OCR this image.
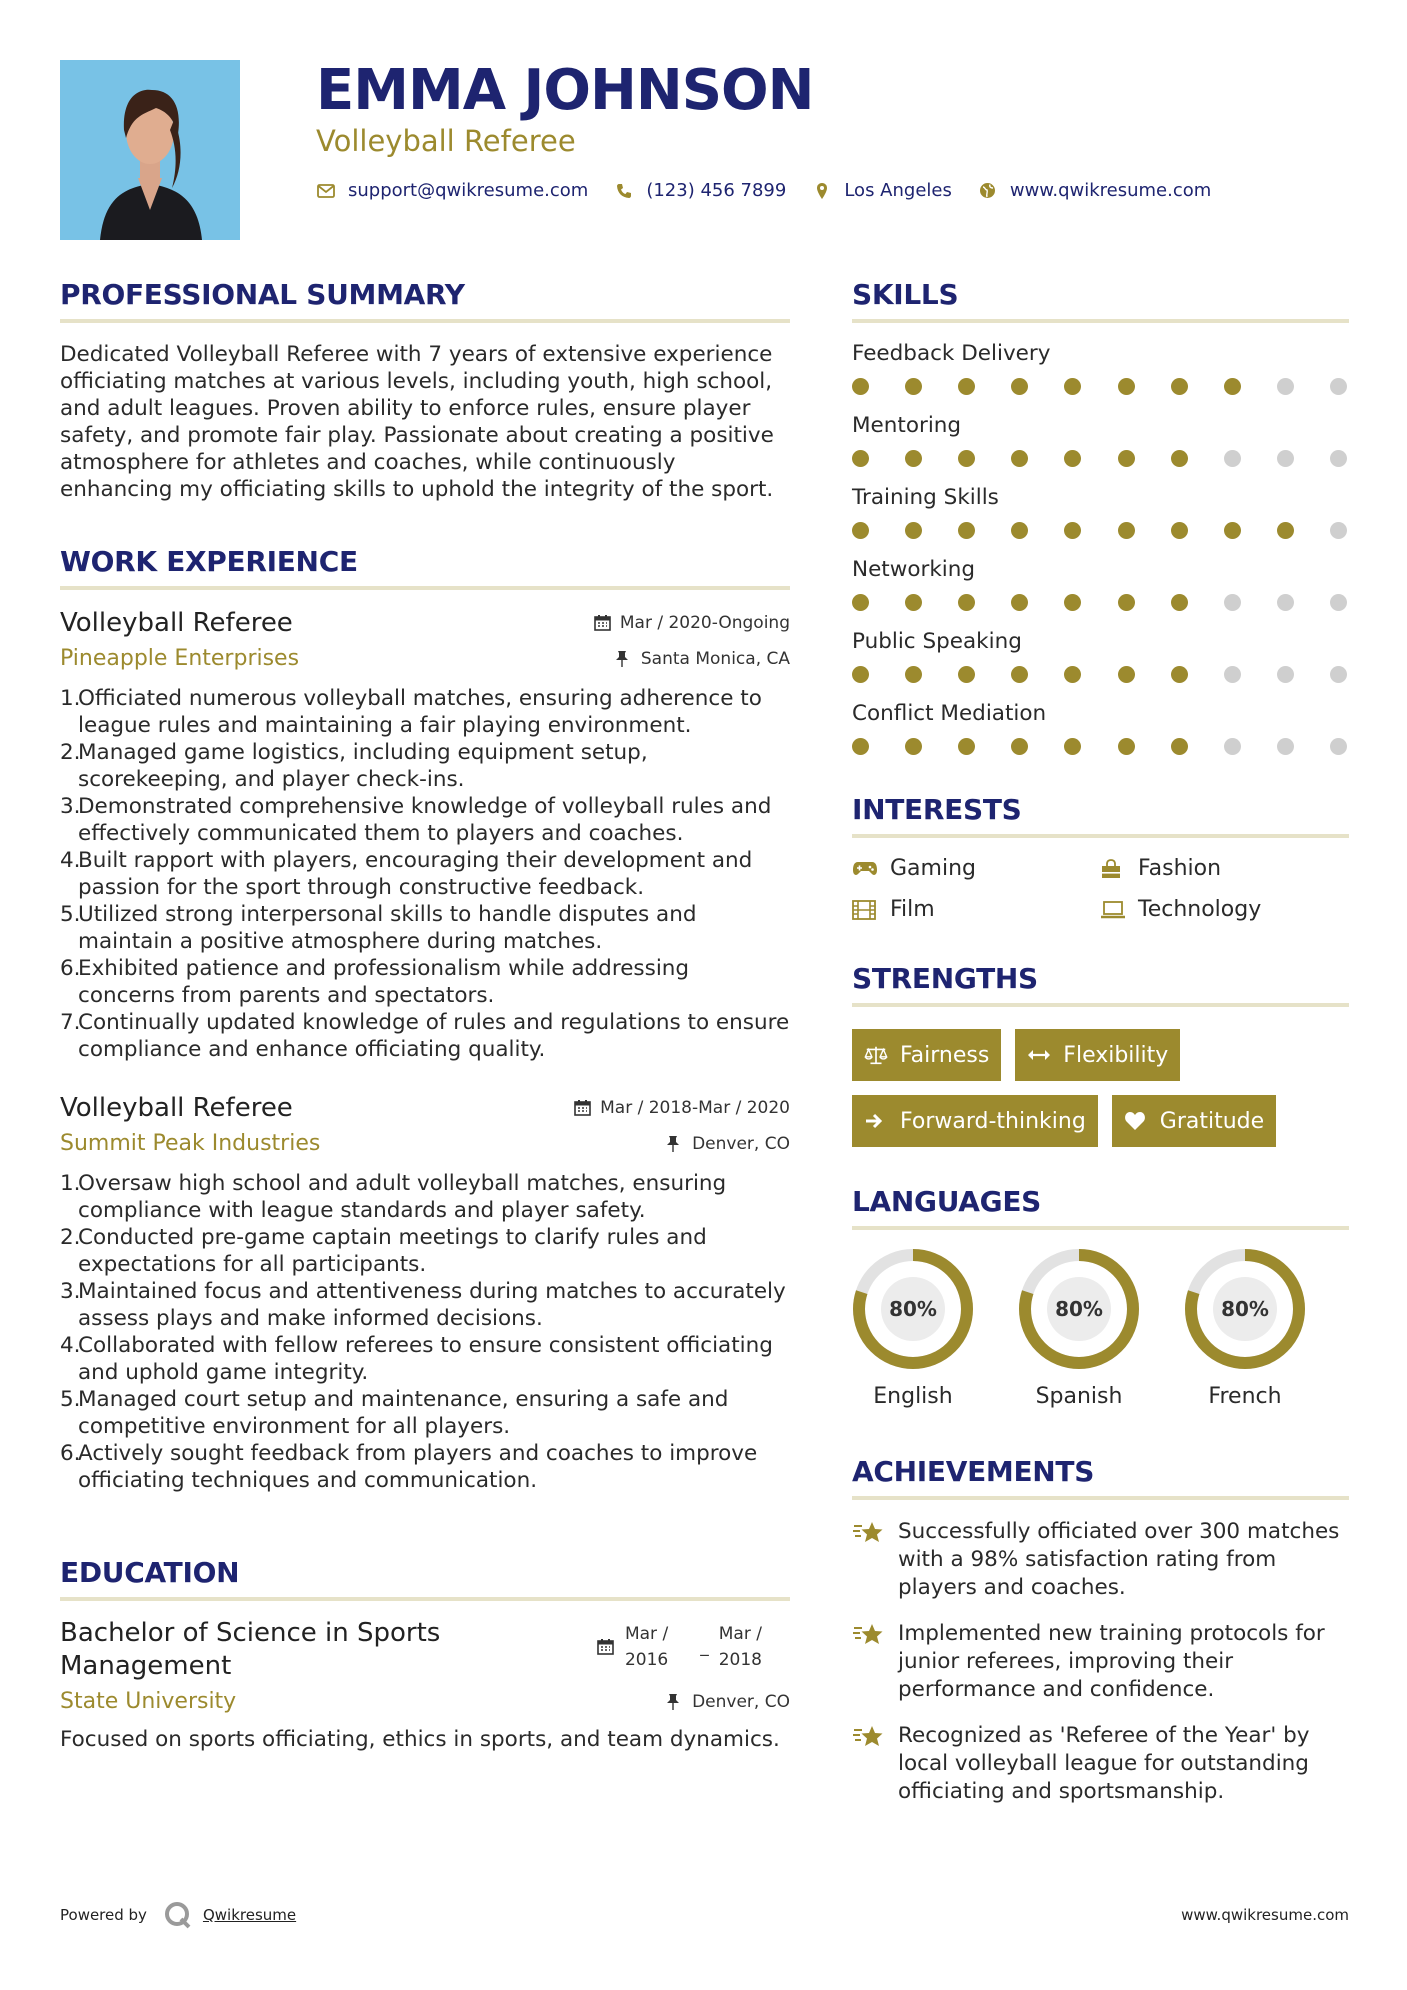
EMMA JOHNSON
Volleyball Referee
support@qwikresume.com	(123) 456 7899	Los Angeles	www.qwikresume.com
PROFESSIONAL SUMMARY

Dedicated Volleyball Referee with 7 years of extensive experience officiating matches at various levels, including youth, high school, and adult leagues. Proven ability to enforce rules, ensure player safety, and promote fair play. Passionate about creating a positive atmosphere for athletes and coaches, while continuously enhancing my officiating skills to uphold the integrity of the sport.

WORK EXPERIENCE
Volleyball Referee	Mar / 2020-Ongoing
Pineapple Enterprises	Santa Monica, CA
1.
Officiated numerous volleyball matches, ensuring adherence to league rules and maintaining a fair playing environment.
2.
Managed game logistics, including equipment setup, scorekeeping, and player check-ins.
3.
Demonstrated comprehensive knowledge of volleyball rules and effectively communicated them to players and coaches.
4.
Built rapport with players, encouraging their development and passion for the sport through constructive feedback.
5.
Utilized strong interpersonal skills to handle disputes and maintain a positive atmosphere during matches.
6.
Exhibited patience and professionalism while addressing concerns from parents and spectators.
7.
Continually updated knowledge of rules and regulations to ensure compliance and enhance officiating quality.
Volleyball Referee	Mar / 2018-Mar / 2020
Summit Peak Industries	Denver, CO
1.
Oversaw high school and adult volleyball matches, ensuring compliance with league standards and player safety.
2.
Conducted pre-game captain meetings to clarify rules and expectations for all participants.
3.
Maintained focus and attentiveness during matches to accurately assess plays and make informed decisions.
4.
Collaborated with fellow referees to ensure consistent officiating and uphold game integrity.
5.
Managed court setup and maintenance, ensuring a safe and competitive environment for all players.
6.
Actively sought feedback from players and coaches to improve officiating techniques and communication.
EDUCATION
Bachelor of Science in Sports
Management
Mar /
2016
_
Mar /
2018
State University	Denver, CO

Focused on sports officiating, ethics in sports, and team dynamics.

SKILLS
Feedback Delivery
Mentoring
Training Skills
Networking
Public Speaking
Conflict Mediation
INTERESTS
Gaming	Fashion
Film	Technology
STRENGTHS
Fairness	Flexibility
Forward-thinking	Gratitude
LANGUAGES
80%
English
80%
Spanish
80%
French
ACHIEVEMENTS
Successfully officiated over 300 matches with a 98% satisfaction rating from players and coaches.
Implemented new training protocols for junior referees, improving their performance and confidence.
Recognized as 'Referee of the Year' by local volleyball league for outstanding officiating and sportsmanship.
Powered by	Qwikresume	www.qwikresume.com
